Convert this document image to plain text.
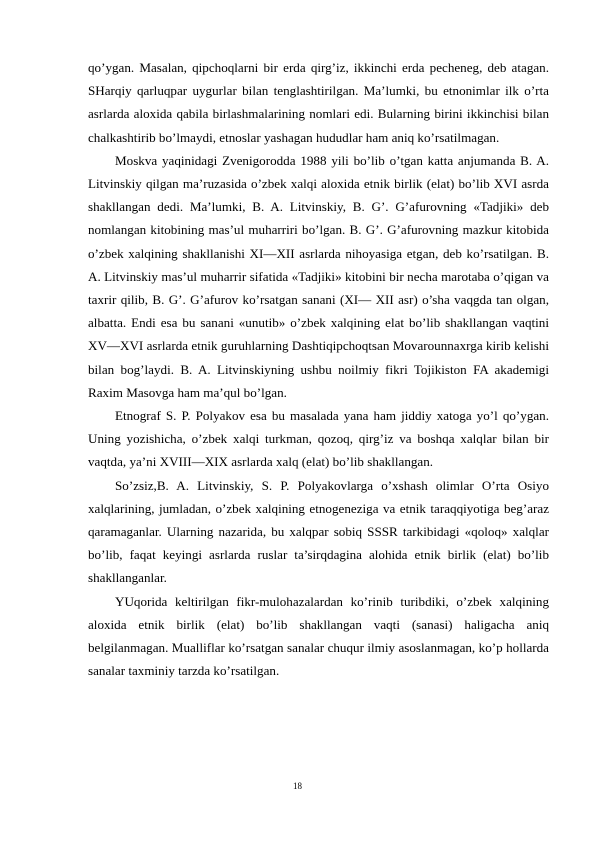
qo’ygan. Masalan, qipchoqlarni bir erda qirg’iz, ikkinchi erda pecheneg, deb atagan. SHarqiy qarluqpar uygurlar bilan tenglashtirilgan. Ma’lumki, bu etnonimlar ilk o’rta asrlarda aloxida qabila birlashmalarining nomlari edi. Bularning birini ikkinchisi bilan chalkashtirib bo’lmaydi, etnoslar yashagan hududlar ham aniq ko’rsatilmagan.

Moskva yaqinidagi Zvenigorodda 1988 yili bo’lib o’tgan katta anjumanda B. A. Litvinskiy qilgan ma’ruzasida o’zbek xalqi aloxida etnik birlik (elat) bo’lib XVI asrda shakllangan dedi. Ma’lumki, B. A. Litvinskiy, B. G’. G’afurovning «Tadjiki» deb nomlangan kitobining mas’ul muharriri bo’lgan. B. G’. G’afurovning mazkur kitobida o’zbek xalqining shakllanishi XI—XII asrlarda nihoyasiga etgan, deb ko’rsatilgan. B. A. Litvinskiy mas’ul muharrir sifatida «Tadjiki» kitobini bir necha marotaba o’qigan va taxrir qilib, B. G’. G’afurov ko’rsatgan sanani (XI— XII asr) o’sha vaqgda tan olgan, albatta. Endi esa bu sanani «unutib» o’zbek xalqining elat bo’lib shakllangan vaqtini XV—XVI asrlarda etnik guruhlarning Dashtiqipchoqtsan Movarounnaxrga kirib kelishi bilan bog’laydi. B. A. Litvinskiyning ushbu noilmiy fikri Tojikiston FA akademigi Raxim Masovga ham ma’qul bo’lgan.

Etnograf S. P. Polyakov esa bu masalada yana ham jiddiy xatoga yo’l qo’ygan. Uning yozishicha, o’zbek xalqi turkman, qozoq, qirg’iz va boshqa xalqlar bilan bir vaqtda, ya’ni XVIII—XIX asrlarda xalq (elat) bo’lib shakllangan.

So’zsiz,B. A. Litvinskiy, S. P. Polyakovlarga o’xshash olimlar O’rta Osiyo xalqlarining, jumladan, o’zbek xalqining etnogeneziga va etnik taraqqiyotiga beg’araz qaramaganlar. Ularning nazarida, bu xalqpar sobiq SSSR tarkibidagi «qoloq» xalqlar bo’lib, faqat keyingi asrlarda ruslar ta’sirqdagina alohida etnik birlik (elat) bo’lib shakllanganlar.

YUqorida keltirilgan fikr-mulohazalardan ko’rinib turibdiki, o’zbek xalqining aloxida etnik birlik (elat) bo’lib shakllangan vaqti (sanasi) haligacha aniq belgilanmagan. Mualliflar ko’rsatgan sanalar chuqur ilmiy asoslanmagan, ko’p hollarda sanalar taxminiy tarzda ko’rsatilgan.

18
